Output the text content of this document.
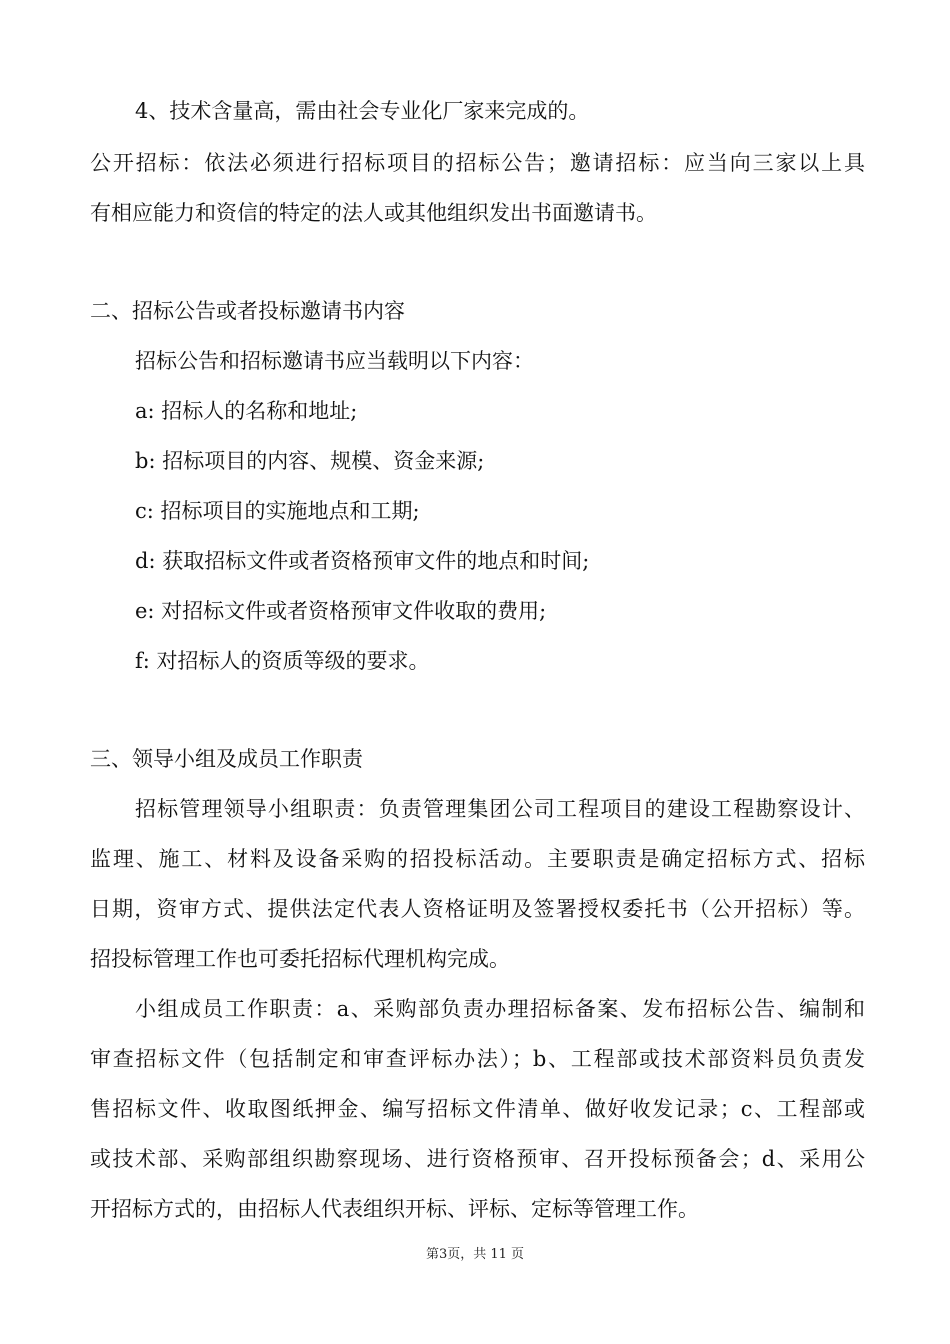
4、技术含量高，需由社会专业化厂家来完成的。
公开招标：依法必须进行招标项目的招标公告；邀请招标：应当向三家以上具
有相应能力和资信的特定的法人或其他组织发出书面邀请书。
二、招标公告或者投标邀请书内容
招标公告和招标邀请书应当载明以下内容：
a: 招标人的名称和地址;
b: 招标项目的内容、规模、资金来源;
c: 招标项目的实施地点和工期;
d: 获取招标文件或者资格预审文件的地点和时间;
e: 对招标文件或者资格预审文件收取的费用;
f: 对招标人的资质等级的要求。
三、领导小组及成员工作职责
招标管理领导小组职责：负责管理集团公司工程项目的建设工程勘察设计、
监理、施工、材料及设备采购的招投标活动。主要职责是确定招标方式、招标
日期，资审方式、提供法定代表人资格证明及签署授权委托书（公开招标）等。
招投标管理工作也可委托招标代理机构完成。
小组成员工作职责：a、采购部负责办理招标备案、发布招标公告、编制和
审查招标文件（包括制定和审查评标办法）；b、工程部或技术部资料员负责发
售招标文件、收取图纸押金、编写招标文件清单、做好收发记录；c、工程部或
或技术部、采购部组织勘察现场、进行资格预审、召开投标预备会；d、采用公
开招标方式的，由招标人代表组织开标、评标、定标等管理工作。
第3页，共 11 页
